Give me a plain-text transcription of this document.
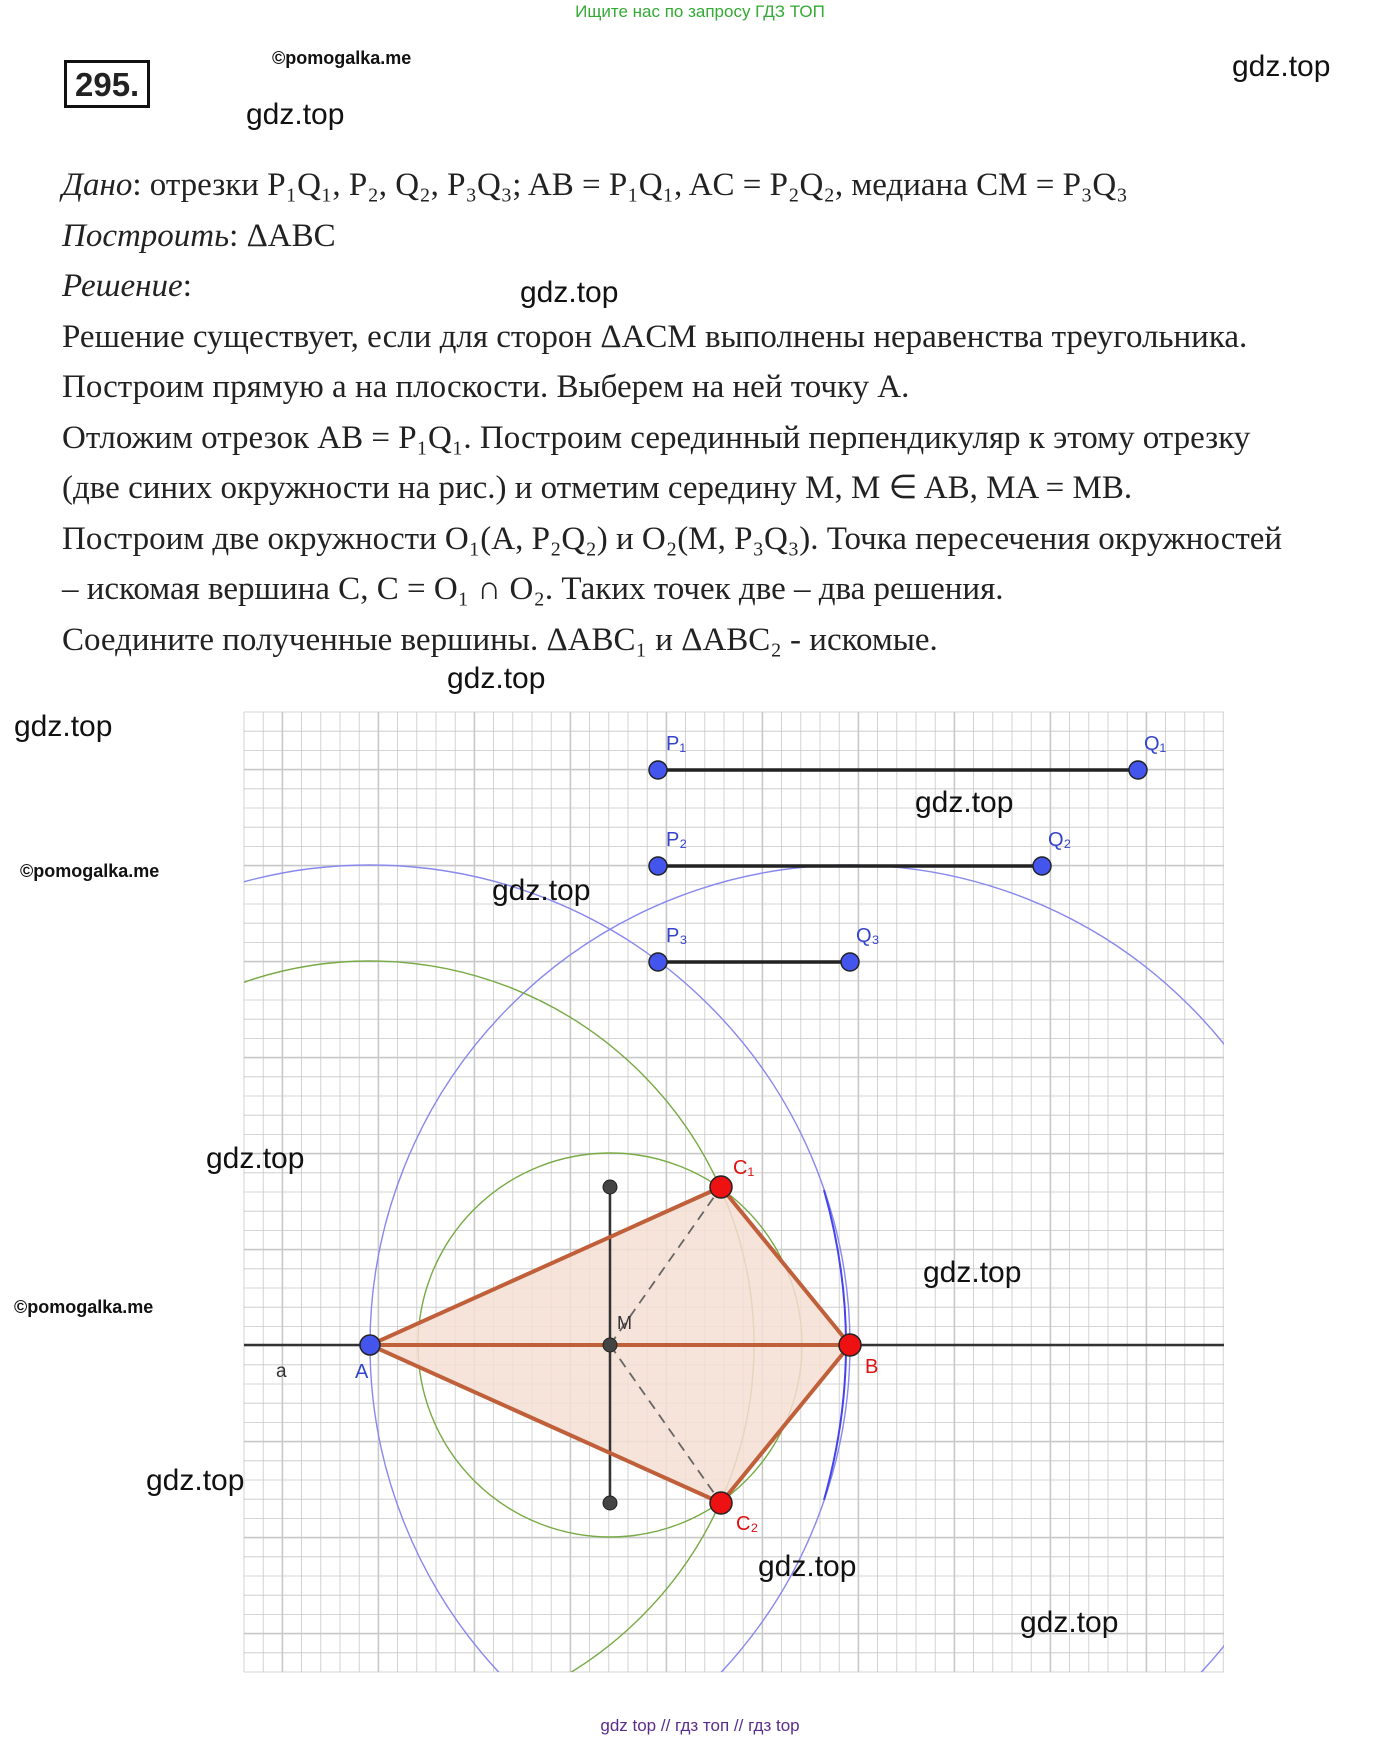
Ищите нас по запросу ГДЗ ТОП
295.
©pomogalka.me	gdz.top
gdz.top
gdz.top
gdz.top
gdz.top
©pomogalka.me
Дано: отрезки P₁Q₁, P₂, Q₂, P₃Q₃; AB = P₁Q₁, AC = P₂Q₂, медиана CM = P₃Q₃
Построить: ΔABC
Решение:
Решение существует, если для сторон ΔACM выполнены неравенства треугольника.
Построим прямую a на плоскости. Выберем на ней точку A.
Отложим отрезок AB = P₁Q₁. Построим серединный перпендикуляр к этому отрезку
(две синих окружности на рис.) и отметим середину M, M ∈ AB, MA = MB.
Построим две окружности O₁(A, P₂Q₂) и O₂(M, P₃Q₃). Точка пересечения окружностей
– искомая вершина C, C = O₁ ∩ O₂. Таких точек две – два решения.
Соедините полученные вершины. ΔABC₁ и ΔABC₂ - искомые.
P₁	Q₁
P₂	Q₂
P₃	Q₃
A
M
a	B
C₁
C₂
gdz.top
gdz.top
gdz.top
gdz.top
©pomogalka.me
gdz.top
gdz.top
gdz.top
gdz top // гдз топ // гдз top
